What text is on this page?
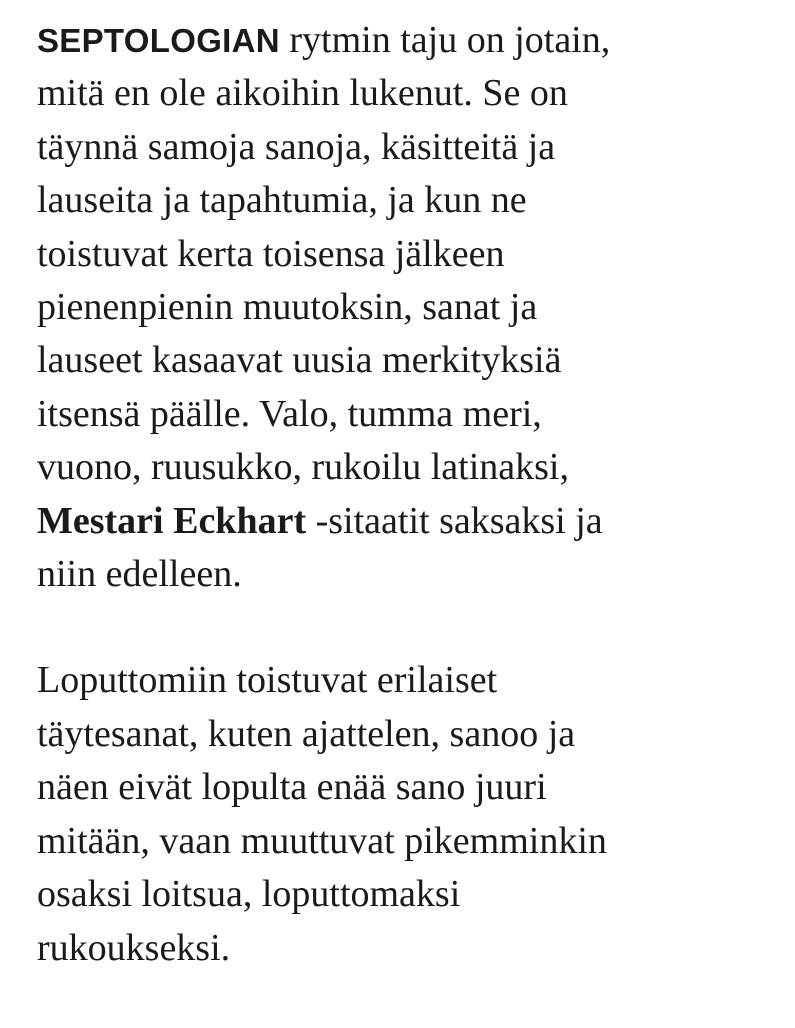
SEPTOLOGIAN rytmin taju on jotain,
mitä en ole aikoihin lukenut. Se on
täynnä samoja sanoja, käsitteitä ja
lauseita ja tapahtumia, ja kun ne
toistuvat kerta toisensa jälkeen
pienenpienin muutoksin, sanat ja
lauseet kasaavat uusia merkityksiä
itsensä päälle. Valo, tumma meri,
vuono, ruusukko, rukoilu latinaksi,
Mestari Eckhart -sitaatit saksaksi ja
niin edelleen.

Loputtomiin toistuvat erilaiset
täytesanat, kuten ajattelen, sanoo ja
näen eivät lopulta enää sano juuri
mitään, vaan muuttuvat pikemminkin
osaksi loitsua, loputtomaksi
rukoukseksi.
